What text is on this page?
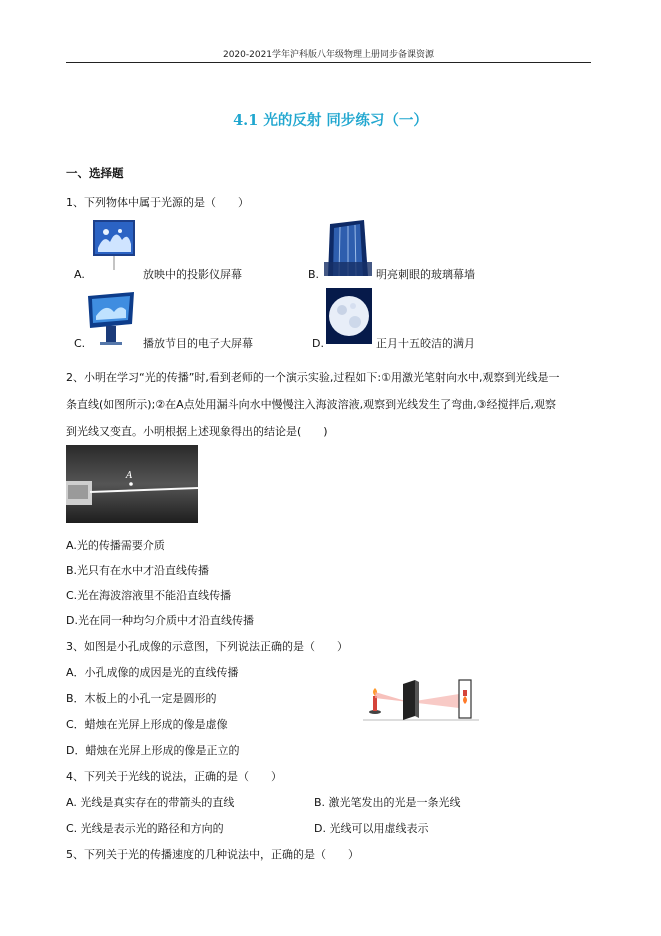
2020-2021学年沪科版八年级物理上册同步备课资源
4.1 光的反射 同步练习（一）
一、选择题
1、下列物体中属于光源的是（　　）
A.	放映中的投影仪屏幕	B.	明亮刺眼的玻璃幕墙
C.	播放节目的电子大屏幕	D.	正月十五皎洁的满月
2、小明在学习“光的传播”时,看到老师的一个演示实验,过程如下:①用激光笔射向水中,观察到光线是一
条直线(如图所示);②在A点处用漏斗向水中慢慢注入海波溶液,观察到光线发生了弯曲,③经搅拌后,观察
到光线又变直。小明根据上述现象得出的结论是(　　)
A
A.光的传播需要介质
B.光只有在水中才沿直线传播
C.光在海波溶液里不能沿直线传播
D.光在同一种均匀介质中才沿直线传播
3、如图是小孔成像的示意图，下列说法正确的是（　　）
A．小孔成像的成因是光的直线传播
B．木板上的小孔一定是圆形的
C．蜡烛在光屏上形成的像是虚像
D．蜡烛在光屏上形成的像是正立的
4、下列关于光线的说法，正确的是（　　）
A. 光线是真实存在的带箭头的直线	B. 激光笔发出的光是一条光线
C. 光线是表示光的路径和方向的	D. 光线可以用虚线表示
5、下列关于光的传播速度的几种说法中，正确的是（　　）
